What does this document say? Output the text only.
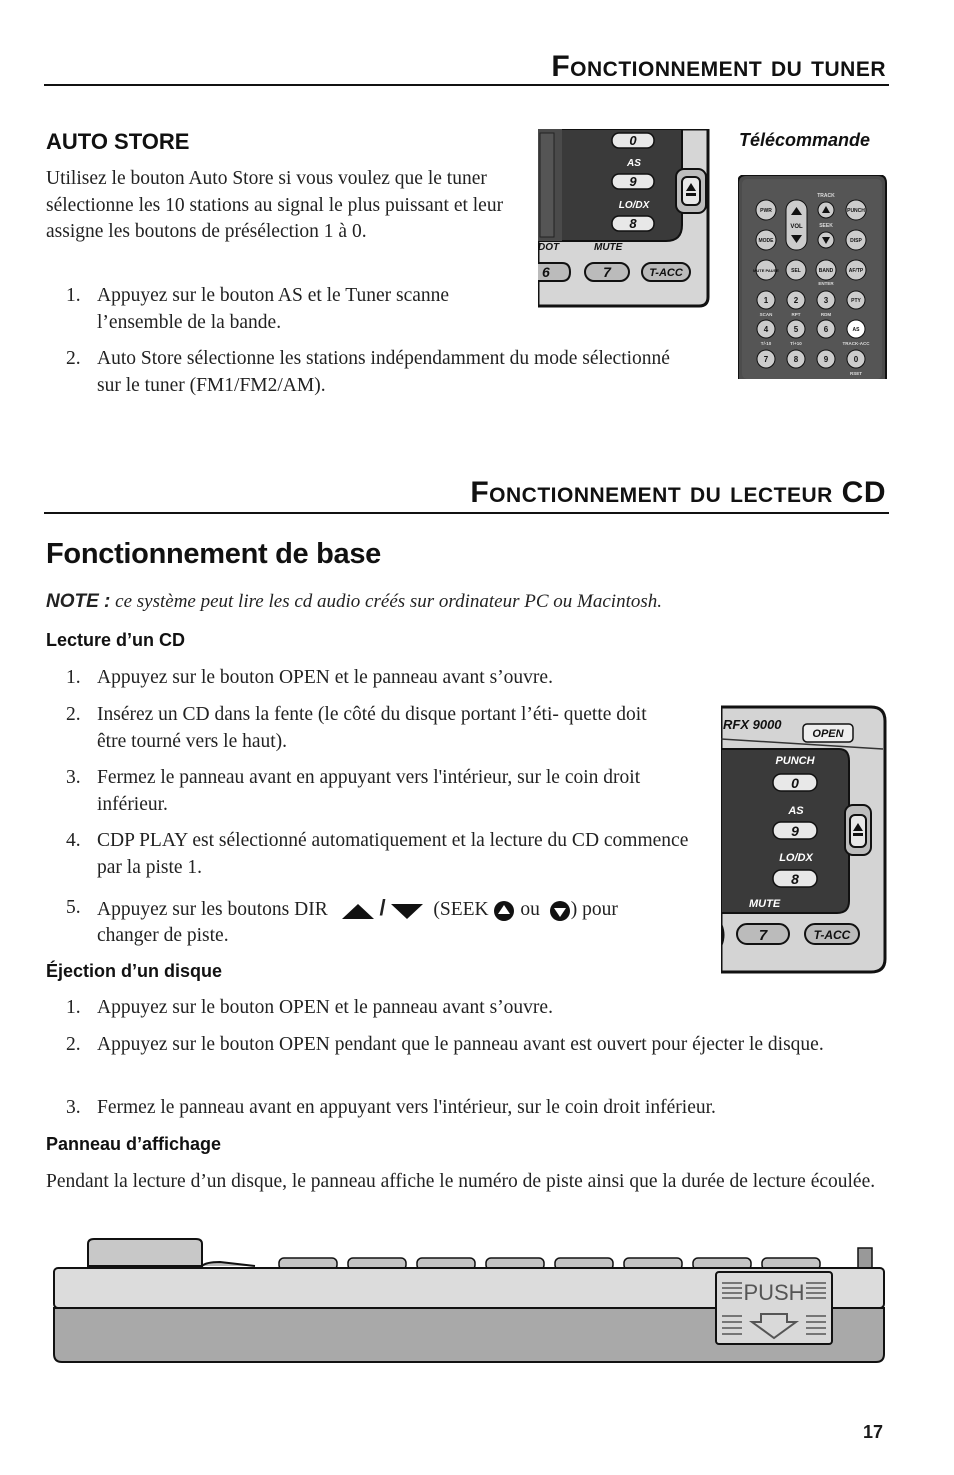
Fonctionnement du tuner
AUTO STORE
Utilisez le bouton Auto Store si vous voulez que le tuner sélectionne les 10 stations au signal le plus puissant et leur assigne les boutons de présélection 1 à 0.
1. Appuyez sur le bouton AS et le Tuner scanne l’ensemble de la bande.
2. Auto Store sélectionne les stations indépendamment du mode sélectionné sur le tuner (FM1/FM2/AM).
0
AS
9
LO/DX
8
DOT	MUTE
6	7	T-ACC
Télécommande
TRACK
VOL	SEEK
PWR	PUNCH
MODE	DISP
MUTE PAUSE SEL	BAND
ENTER
AF/TP
1	2	3	PTY
SCAN	RPT	RDM
4	5	6	AS
T/-10	T/+10	TRACK-ACC
7	8	9	0
RSET
Fonctionnement du lecteur CD
Fonctionnement de base
NOTE : ce système peut lire les cd audio créés sur ordinateur PC ou Macintosh.
Lecture d’un CD
1. Appuyez sur le bouton OPEN et le panneau avant s’ouvre.
2. Insérez un CD dans la fente (le côté du disque portant l’éti- quette doit être tourné vers le haut).
3. Fermez le panneau avant en appuyant vers l'intérieur, sur le coin droit inférieur.
4. CDP PLAY est sélectionné automatiquement et la lecture du CD commence par la piste 1.
5. Appuyez sur les boutons DIR / (SEEK ou ) pour
changer de piste.
RFX 9000
OPEN
PUNCH
0
AS
9
LO/DX
8
MUTE
7	T-ACC
Éjection d’un disque
1. Appuyez sur le bouton OPEN et le panneau avant s’ouvre.
2. Appuyez sur le bouton OPEN pendant que le panneau avant est ouvert pour éjecter le disque.
3. Fermez le panneau avant en appuyant vers l'intérieur, sur le coin droit inférieur.
Panneau d’affichage
Pendant la lecture d’un disque, le panneau affiche le numéro de piste ainsi que la durée de lecture écoulée.
PUSH
17
